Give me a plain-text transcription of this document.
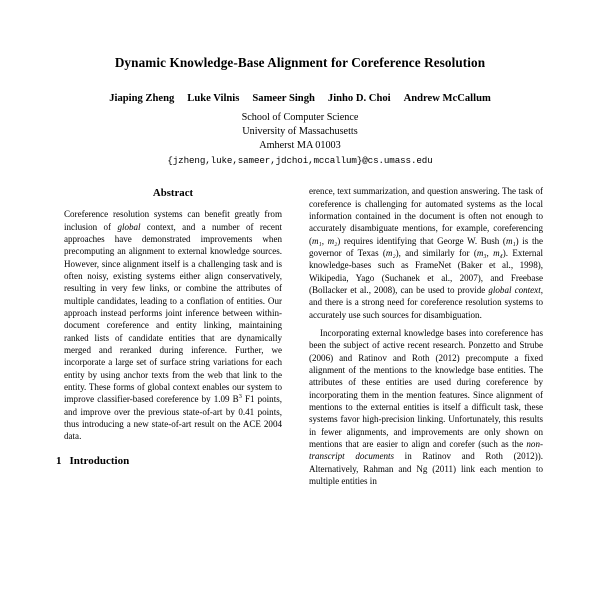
Dynamic Knowledge-Base Alignment for Coreference Resolution
Jiaping Zheng Luke Vilnis Sameer Singh Jinho D. Choi Andrew McCallum
School of Computer Science
University of Massachusetts
Amherst MA 01003
{jzheng,luke,sameer,jdchoi,mccallum}@cs.umass.edu
Abstract

Coreference resolution systems can benefit greatly from inclusion of global context, and a number of recent approaches have demonstrated improvements when precomputing an alignment to external knowledge sources. However, since alignment itself is a challenging task and is often noisy, existing systems either align conservatively, resulting in very few links, or combine the attributes of multiple candidates, leading to a conflation of entities. Our approach instead performs joint inference between within-document coreference and entity linking, maintaining ranked lists of candidate entities that are dynamically merged and reranked during inference. Further, we incorporate a large set of surface string variations for each entity by using anchor texts from the web that link to the entity. These forms of global context enables our system to improve classifier-based coreference by 1.09 $B^3$ F1 points, and improve over the previous state-of-art by 0.41 points, thus introducing a new state-of-art result on the ACE 2004 data.

1 Introduction

erence, text summarization, and question answering. The task of coreference is challenging for automated systems as the local information contained in the document is often not enough to accurately disambiguate mentions, for example, coreferencing (m₁, m₂) requires identifying that George W. Bush (m₁) is the governor of Texas (m₂), and similarly for (m₃, m₄). External knowledge-bases such as FrameNet (Baker et al., 1998), Wikipedia, Yago (Suchanek et al., 2007), and Freebase (Bollacker et al., 2008), can be used to provide global context, and there is a strong need for coreference resolution systems to accurately use such sources for disambiguation.

Incorporating external knowledge bases into coreference has been the subject of active recent research. Ponzetto and Strube (2006) and Ratinov and Roth (2012) precompute a fixed alignment of the mentions to the knowledge base entities. The attributes of these entities are used during coreference by incorporating them in the mention features. Since alignment of mentions to the external entities is itself a difficult task, these systems favor high-precision linking. Unfortunately, this results in fewer alignments, and improvements are only shown on mentions that are easier to align and corefer (such as the non-transcript documents in Ratinov and Roth (2012)). Alternatively, Rahman and Ng (2011) link each mention to multiple entities in
